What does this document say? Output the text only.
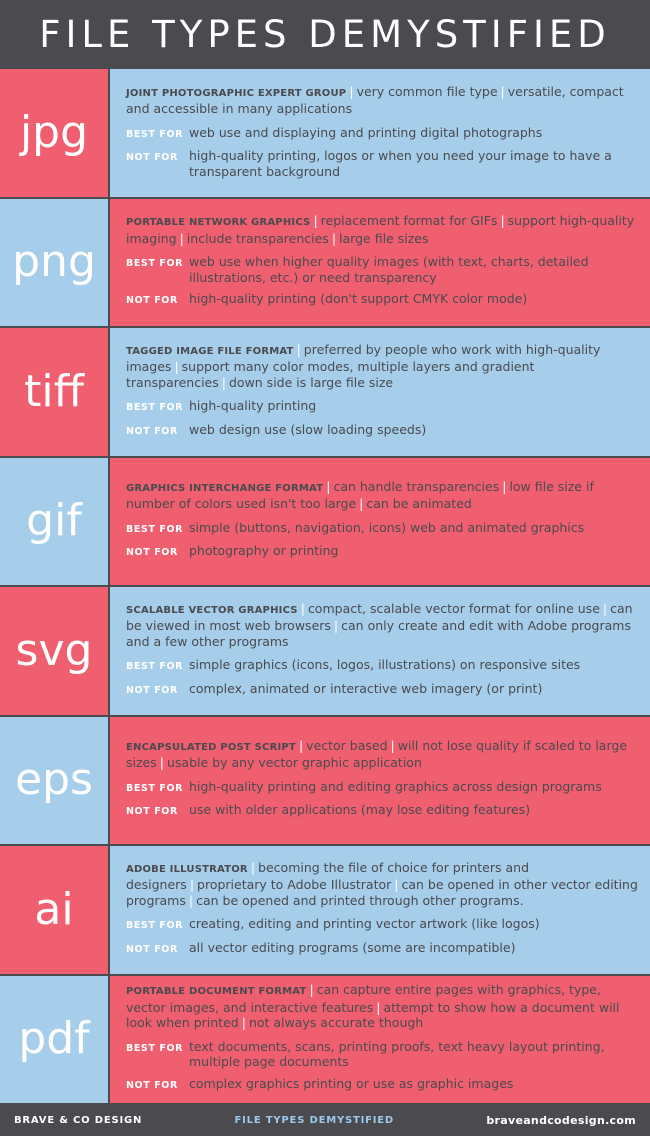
FILE TYPES DEMYSTIFIED
jpg
JOINT PHOTOGRAPHIC EXPERT GROUP | very common file type | versatile, compact and accessible in many applications
BEST FOR web use and displaying and printing digital photographs
NOT FOR high-quality printing, logos or when you need your image to have a transparent background
png
PORTABLE NETWORK GRAPHICS | replacement format for GIFs | support high-quality imaging | include transparencies | large file sizes
BEST FOR web use when higher quality images (with text, charts, detailed illustrations, etc.) or need transparency
NOT FOR high-quality printing (don't support CMYK color mode)
tiff
TAGGED IMAGE FILE FORMAT | preferred by people who work with high-quality images | support many color modes, multiple layers and gradient transparencies | down side is large file size
BEST FOR high-quality printing
NOT FOR web design use (slow loading speeds)
gif
GRAPHICS INTERCHANGE FORMAT | can handle transparencies | low file size if number of colors used isn't too large | can be animated
BEST FOR simple (buttons, navigation, icons) web and animated graphics
NOT FOR photography or printing
svg
SCALABLE VECTOR GRAPHICS | compact, scalable vector format for online use | can be viewed in most web browsers | can only create and edit with Adobe programs and a few other programs
BEST FOR simple graphics (icons, logos, illustrations) on responsive sites
NOT FOR complex, animated or interactive web imagery (or print)
eps
ENCAPSULATED POST SCRIPT | vector based | will not lose quality if scaled to large sizes | usable by any vector graphic application
BEST FOR high-quality printing and editing graphics across design programs
NOT FOR use with older applications (may lose editing features)
ai
ADOBE ILLUSTRATOR | becoming the file of choice for printers and designers | proprietary to Adobe Illustrator | can be opened in other vector editing programs | can be opened and printed through other programs.
BEST FOR creating, editing and printing vector artwork (like logos)
NOT FOR all vector editing programs (some are incompatible)
pdf
PORTABLE DOCUMENT FORMAT | can capture entire pages with graphics, type, vector images, and interactive features | attempt to show how a document will look when printed | not always accurate though
BEST FOR text documents, scans, printing proofs, text heavy layout printing, multiple page documents
NOT FOR complex graphics printing or use as graphic images
BRAVE & CO DESIGN	FILE TYPES DEMYSTIFIED	braveandcodesign.com
